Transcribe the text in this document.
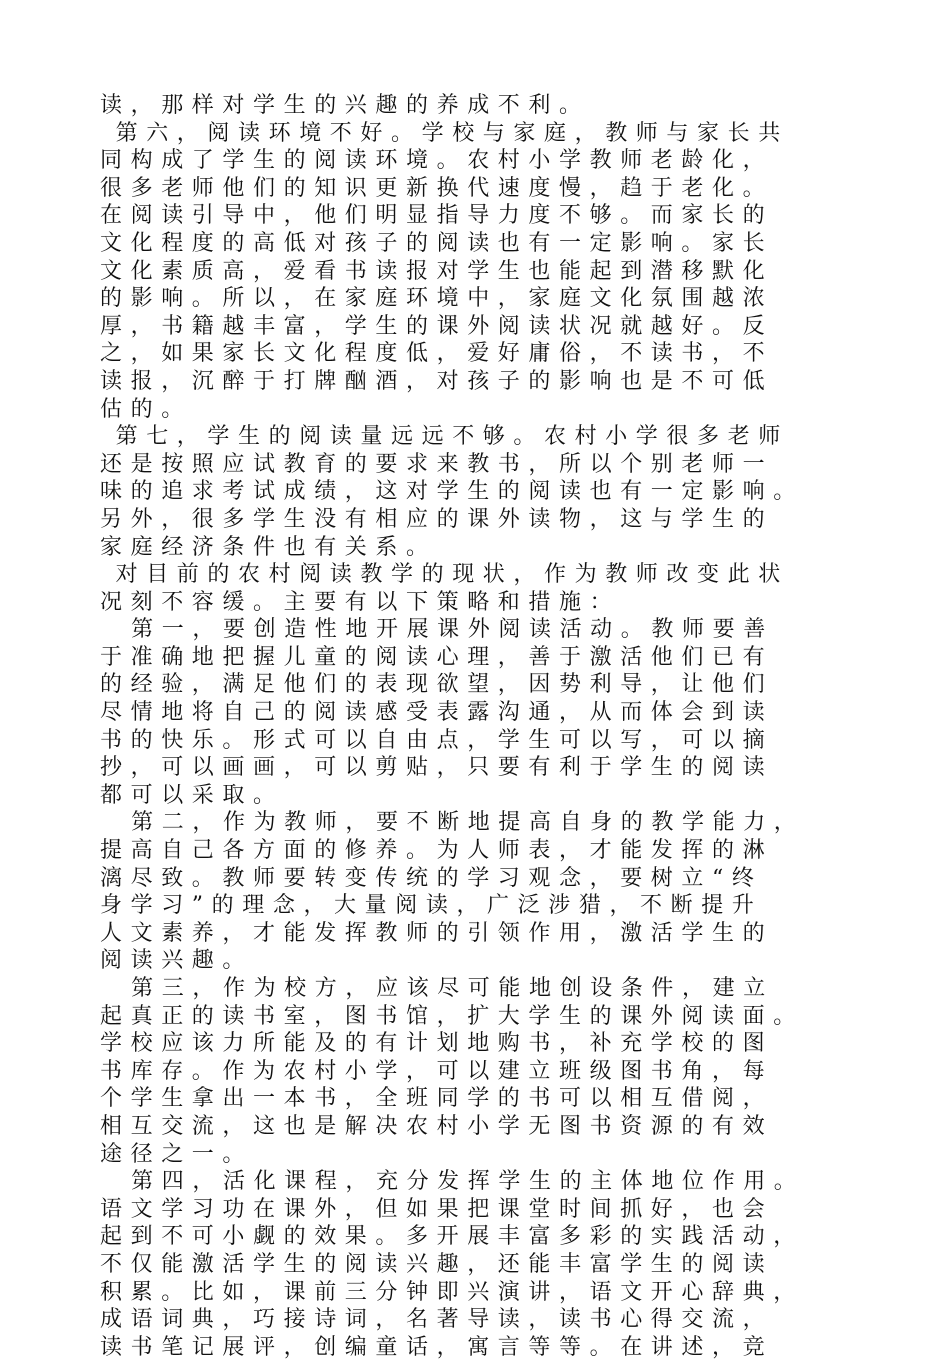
读，那样对学生的兴趣的养成不利。
第六，阅读环境不好。学校与家庭，教师与家长共
同构成了学生的阅读环境。农村小学教师老龄化，
很多老师他们的知识更新换代速度慢，趋于老化。
在阅读引导中，他们明显指导力度不够。而家长的
文化程度的高低对孩子的阅读也有一定影响。家长
文化素质高，爱看书读报对学生也能起到潜移默化
的影响。所以，在家庭环境中，家庭文化氛围越浓
厚，书籍越丰富，学生的课外阅读状况就越好。反
之，如果家长文化程度低，爱好庸俗，不读书，不
读报，沉醉于打牌酗酒，对孩子的影响也是不可低
估的。
第七，学生的阅读量远远不够。农村小学很多老师
还是按照应试教育的要求来教书，所以个别老师一
味的追求考试成绩，这对学生的阅读也有一定影响。
另外，很多学生没有相应的课外读物，这与学生的
家庭经济条件也有关系。
对目前的农村阅读教学的现状，作为教师改变此状
况刻不容缓。主要有以下策略和措施：
第一，要创造性地开展课外阅读活动。教师要善
于准确地把握儿童的阅读心理，善于激活他们已有
的经验，满足他们的表现欲望，因势利导，让他们
尽情地将自己的阅读感受表露沟通，从而体会到读
书的快乐。形式可以自由点，学生可以写，可以摘
抄，可以画画，可以剪贴，只要有利于学生的阅读
都可以采取。
第二，作为教师，要不断地提高自身的教学能力，
提高自己各方面的修养。为人师表，才能发挥的淋
漓尽致。教师要转变传统的学习观念，要树立“终
身学习”的理念，大量阅读，广泛涉猎，不断提升
人文素养，才能发挥教师的引领作用，激活学生的
阅读兴趣。
第三，作为校方，应该尽可能地创设条件，建立
起真正的读书室，图书馆，扩大学生的课外阅读面。
学校应该力所能及的有计划地购书，补充学校的图
书库存。作为农村小学，可以建立班级图书角，每
个学生拿出一本书，全班同学的书可以相互借阅，
相互交流，这也是解决农村小学无图书资源的有效
途径之一。
第四，活化课程，充分发挥学生的主体地位作用。
语文学习功在课外，但如果把课堂时间抓好，也会
起到不可小觑的效果。多开展丰富多彩的实践活动，
不仅能激活学生的阅读兴趣，还能丰富学生的阅读
积累。比如，课前三分钟即兴演讲，语文开心辞典，
成语词典，巧接诗词，名著导读，读书心得交流，
读书笔记展评，创编童话，寓言等等。在讲述，竞
